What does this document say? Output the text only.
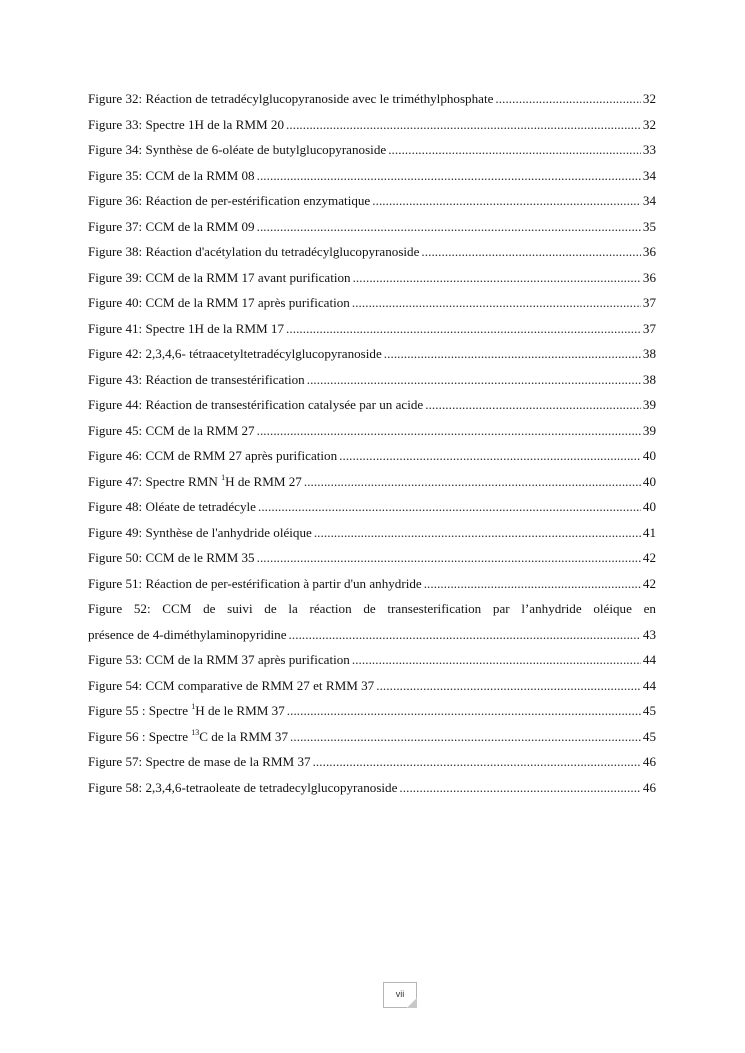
Figure 32: Réaction de tetradécylglucopyranoside avec le triméthylphosphate . . .	32
Figure 33: Spectre 1H de la RMM 20 . . .	32
Figure 34: Synthèse de 6-oléate de butylglucopyranoside . . .	33
Figure 35: CCM de la RMM 08 . . .	34
Figure 36: Réaction de per-estérification enzymatique . . .	34
Figure 37: CCM de la RMM 09 . . .	35
Figure 38: Réaction d'acétylation du tetradécylglucopyranoside . . .	36
Figure 39: CCM de la RMM 17 avant purification . . .	36
Figure 40: CCM de la RMM 17 après purification . . .	37
Figure 41: Spectre 1H de la RMM 17 . . .	37
Figure 42: 2,3,4,6- tétraacetyltetradécylglucopyranoside . . .	38
Figure 43: Réaction de transestérification . . .	38
Figure 44: Réaction de transestérification catalysée par un acide . . .	39
Figure 45: CCM de la RMM 27 . . .	39
Figure 46: CCM de RMM 27 après purification . . .	40
Figure 47: Spectre RMN $^1$H de RMM 27 . . .	40
Figure 48: Oléate de tetradécyle . . .	40
Figure 49: Synthèse de l'anhydride oléique . . .	41
Figure 50: CCM de le RMM 35 . . .	42
Figure 51: Réaction de per-estérification à partir d'un anhydride . . .	42
Figure 52: CCM de suivi de la réaction de transesterification par l’anhydride oléique en
présence de 4-diméthylaminopyridine . . .	43
Figure 53: CCM de la RMM 37 après purification . . .	44
Figure 54: CCM comparative de RMM 27 et RMM 37 . . .	44
Figure 55 : Spectre $^1$H de le RMM 37 . . .	45
Figure 56 : Spectre $^{13}$C de la RMM 37 . . .	45
Figure 57: Spectre de mase de la RMM 37 . . .	46
Figure 58: 2,3,4,6-tetraoleate de tetradecylglucopyranoside . . .	46
vii
